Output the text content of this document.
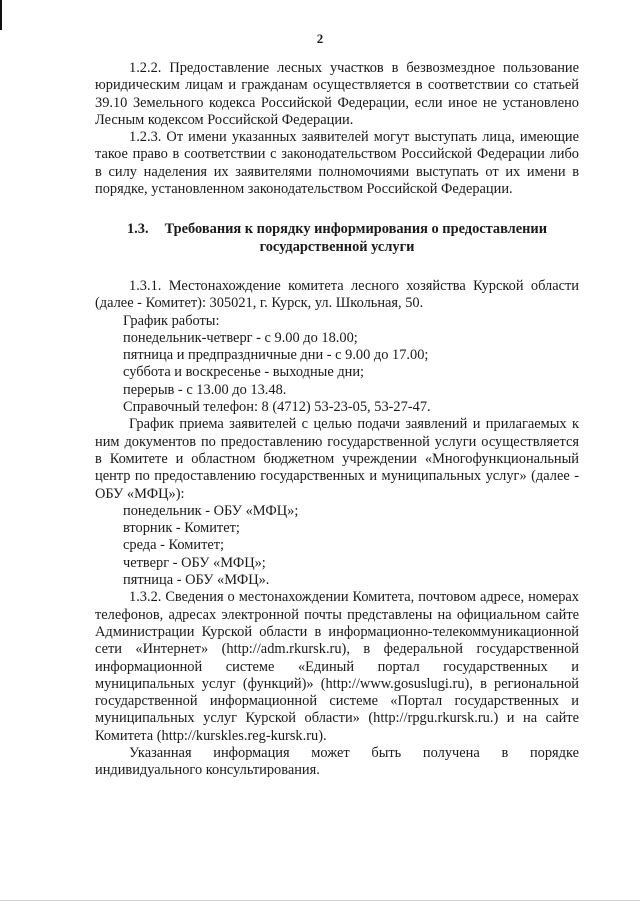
2

1.2.2. Предоставление лесных участков в безвозмездное пользование юридическим лицам и гражданам осуществляется в соответствии со статьей 39.10 Земельного кодекса Российской Федерации, если иное не установлено Лесным кодексом Российской Федерации.

1.2.3. От имени указанных заявителей могут выступать лица, имеющие такое право в соответствии с законодательством Российской Федерации либо в силу наделения их заявителями полномочиями выступать от их имени в порядке, установленном законодательством Российской Федерации.

1.3. Требования к порядку информирования о предоставлении
государственной услуги

1.3.1. Местонахождение комитета лесного хозяйства Курской области (далее - Комитет): 305021, г. Курск, ул. Школьная, 50.

График работы:

понедельник-четверг - с 9.00 до 18.00;

пятница и предпраздничные дни - с 9.00 до 17.00;

суббота и воскресенье - выходные дни;

перерыв - с 13.00 до 13.48.

Справочный телефон: 8 (4712) 53-23-05, 53-27-47.

График приема заявителей с целью подачи заявлений и прилагаемых к ним документов по предоставлению государственной услуги осуществляется в Комитете и областном бюджетном учреждении «Многофункциональный центр по предоставлению государственных и муниципальных услуг» (далее - ОБУ «МФЦ»):

понедельник - ОБУ «МФЦ»;

вторник - Комитет;

среда - Комитет;

четверг - ОБУ «МФЦ»;

пятница - ОБУ «МФЦ».

1.3.2. Сведения о местонахождении Комитета, почтовом адресе, номерах телефонов, адресах электронной почты представлены на официальном сайте Администрации Курской области в информационно-телекоммуникационной сети «Интернет» (http://adm.rkursk.ru), в федеральной государственной информационной системе «Единый портал государственных и муниципальных услуг (функций)» (http://www.gosuslugi.ru), в региональной государственной информационной системе «Портал государственных и муниципальных услуг Курской области» (http://rpgu.rkursk.ru.) и на сайте Комитета (http://kurskles.reg-kursk.ru).

Указанная информация может быть получена в порядке индивидуального консультирования.
